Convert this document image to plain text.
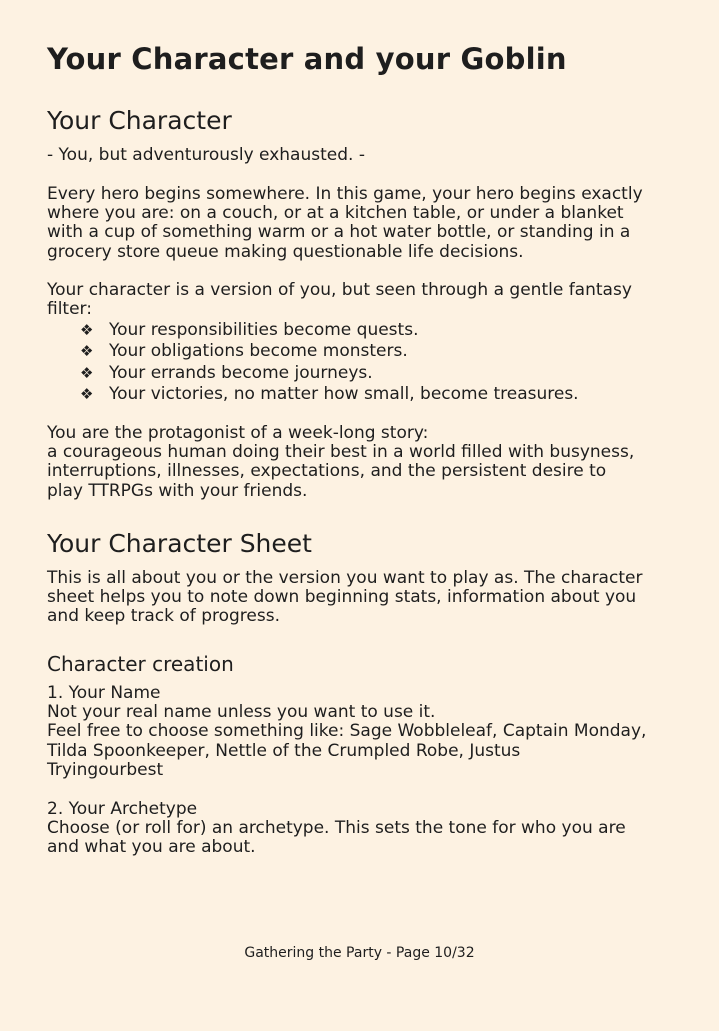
Your Character and your Goblin
Your Character

- You, but adventurously exhausted. -

Every hero begins somewhere. In this game, your hero begins exactly
where you are: on a couch, or at a kitchen table, or under a blanket
with a cup of something warm or a hot water bottle, or standing in a
grocery store queue making questionable life decisions.

Your character is a version of you, but seen through a gentle fantasy
filter:

❖ Your responsibilities become quests.
❖ Your obligations become monsters.
❖ Your errands become journeys.
❖ Your victories, no matter how small, become treasures.

You are the protagonist of a week-long story:
a courageous human doing their best in a world filled with busyness,
interruptions, illnesses, expectations, and the persistent desire to
play TTRPGs with your friends.

Your Character Sheet

This is all about you or the version you want to play as. The character
sheet helps you to note down beginning stats, information about you
and keep track of progress.

Character creation

1. Your Name
Not your real name unless you want to use it.
Feel free to choose something like: Sage Wobbleleaf, Captain Monday,
Tilda Spoonkeeper, Nettle of the Crumpled Robe, Justus
Tryingourbest

2. Your Archetype
Choose (or roll for) an archetype. This sets the tone for who you are
and what you are about.

Gathering the Party - Page 10/32
